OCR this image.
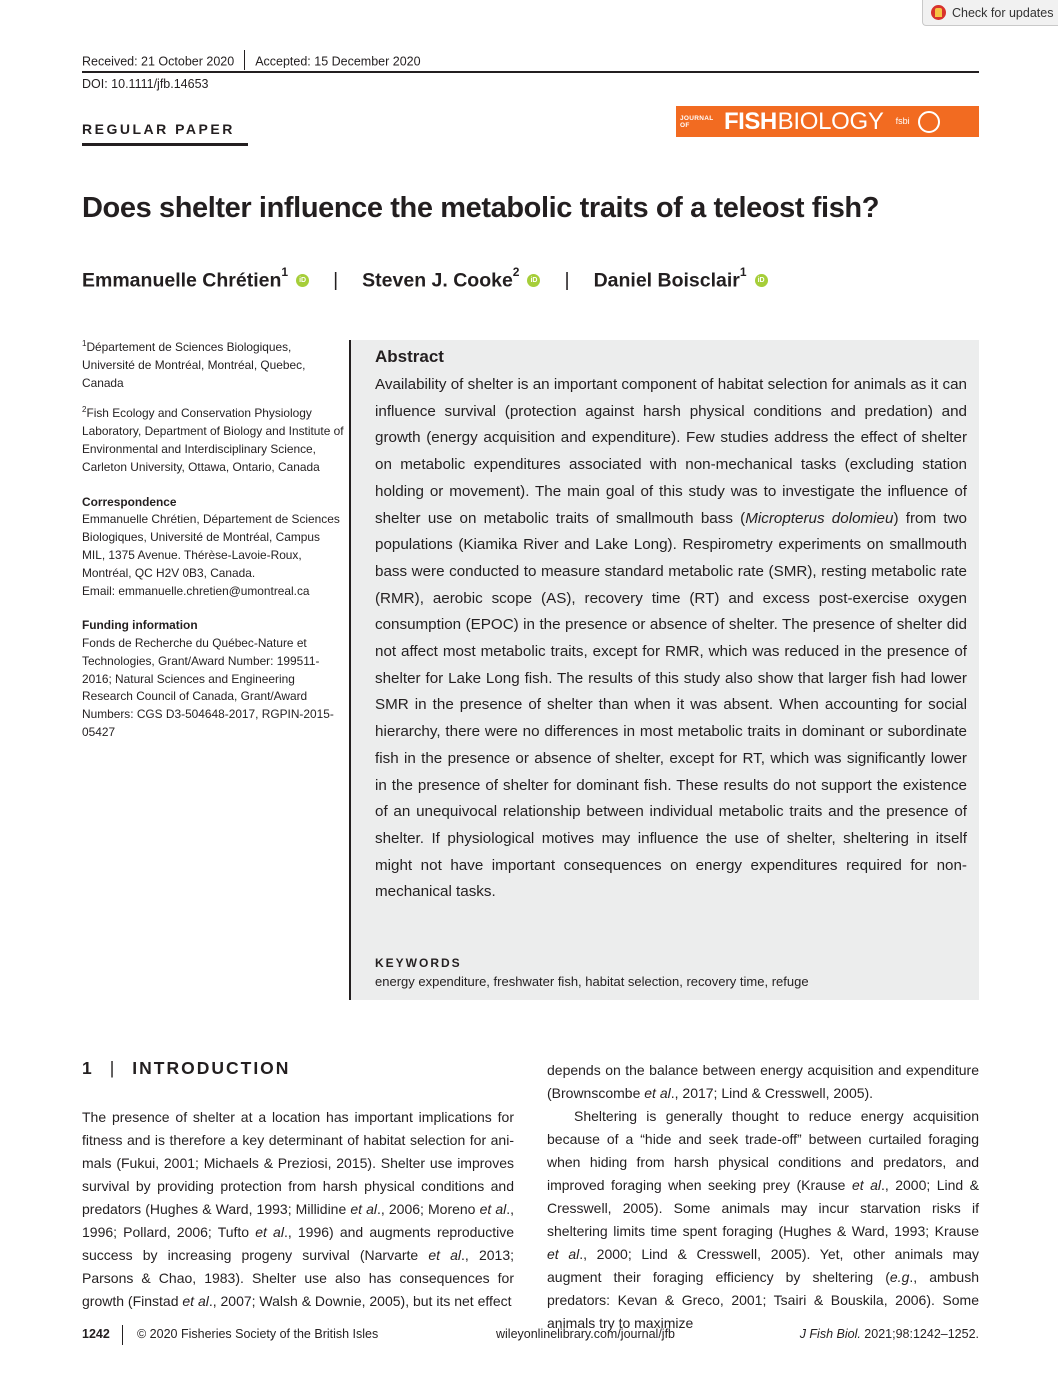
Check for updates
Received: 21 October 2020 Accepted: 15 December 2020
DOI: 10.1111/jfb.14653
REGULAR PAPER
JOURNAL OF	FISH BIOLOGY fsbi
Does shelter influence the metabolic traits of a teleost fish?
Emmanuelle Chrétien$^1$
iD | Steven J. Cooke$^2$
iD | Daniel Boisclair$^1$
iD

$^1$Département de Sciences Biologiques, Université de Montréal, Montréal, Quebec, Canada

$^2$Fish Ecology and Conservation Physiology Laboratory, Department of Biology and Institute of Environmental and Interdisciplinary Science, Carleton University, Ottawa, Ontario, Canada

Correspondence

Emmanuelle Chrétien, Département de Sciences Biologiques, Université de Montréal, Campus MIL, 1375 Avenue. Thérèse-Lavoie-Roux, Montréal, QC H2V 0B3, Canada.

Email: emmanuelle.chretien@umontreal.ca

Funding information

Fonds de Recherche du Québec-Nature et Technologies, Grant/Award Number: 199511-2016; Natural Sciences and Engineering Research Council of Canada, Grant/Award Numbers: CGS D3-504648-2017, RGPIN-2015-05427

Abstract
Availability of shelter is an important component of habitat selection for animals as it can influence survival (protection against harsh physical conditions and predation) and growth (energy acquisition and expenditure). Few studies address the effect of shelter on metabolic expenditures associated with non-mechanical tasks (excluding station holding or movement). The main goal of this study was to investigate the influence of shelter use on metabolic traits of smallmouth bass (Micropterus dolomieu) from two populations (Kiamika River and Lake Long). Respirometry experiments on smallmouth bass were conducted to measure standard metabolic rate (SMR), resting metabolic rate (RMR), aerobic scope (AS), recovery time (RT) and excess post-exercise oxygen consumption (EPOC) in the presence or absence of shelter. The presence of shelter did not affect most metabolic traits, except for RMR, which was reduced in the presence of shelter for Lake Long fish. The results of this study also show that larger fish had lower SMR in the presence of shelter than when it was absent. When accounting for social hierarchy, there were no differences in most metabolic traits in dominant or subordinate fish in the presence or absence of shelter, except for RT, which was significantly lower in the presence of shelter for dominant fish. These results do not support the existence of an unequivocal relationship between individual metabolic traits and the presence of shelter. If physiological motives may influence the use of shelter, sheltering in itself might not have important consequences on energy expenditures required for non-mechanical tasks.
KEYWORDS
energy expenditure, freshwater fish, habitat selection, recovery time, refuge
1 | INTRODUCTION

The presence of shelter at a location has important implications for fitness and is therefore a key determinant of habitat selection for animals (Fukui, 2001; Michaels & Preziosi, 2015). Shelter use improves survival by providing protection from harsh physical conditions and predators (Hughes & Ward, 1993; Millidine et al., 2006; Moreno et al., 1996; Pollard, 2006; Tufto et al., 1996) and augments reproductive success by increasing progeny survival (Narvarte et al., 2013; Parsons & Chao, 1983). Shelter use also has consequences for growth (Finstad et al., 2007; Walsh & Downie, 2005), but its net effect

depends on the balance between energy acquisition and expenditure (Brownscombe et al., 2017; Lind & Cresswell, 2005).

Sheltering is generally thought to reduce energy acquisition because of a “hide and seek trade-off” between curtailed foraging when hiding from harsh physical conditions and predators, and improved foraging when seeking prey (Krause et al., 2000; Lind & Cresswell, 2005). Some animals may incur starvation risks if sheltering limits time spent foraging (Hughes & Ward, 1993; Krause et al., 2000; Lind & Cresswell, 2005). Yet, other animals may augment their foraging efficiency by sheltering (e.g., ambush predators: Kevan & Greco, 2001; Tsairi & Bouskila, 2006). Some animals try to maximize

1242 © 2020 Fisheries Society of the British Isles	wileyonlinelibrary.com/journal/jfb	J Fish Biol. 2021;98:1242–1252.
